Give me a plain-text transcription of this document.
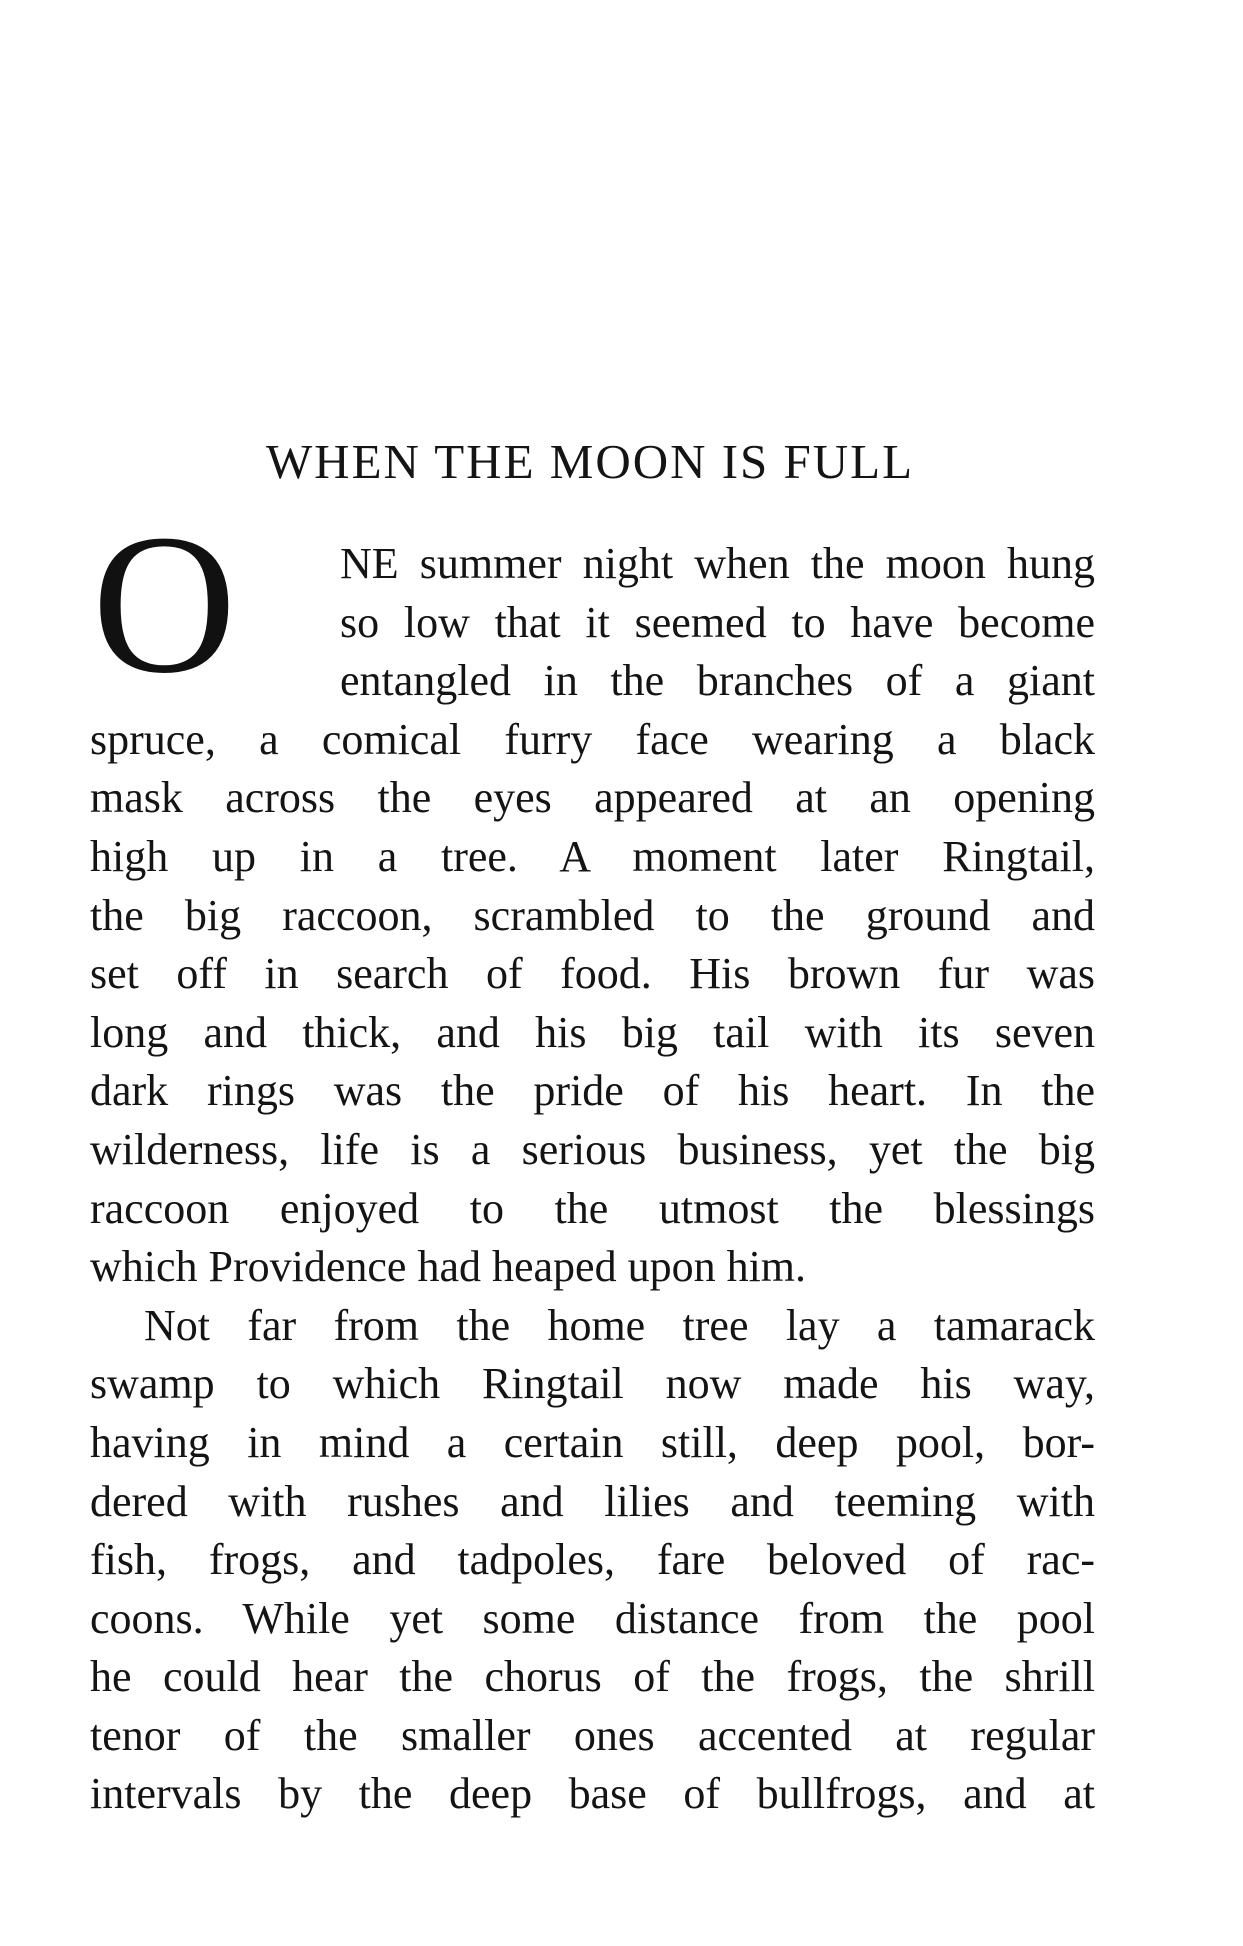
WHEN THE MOON IS FULL
O	NE summer night when the moon hung
so low that it seemed to have become
entangled in the branches of a giant
spruce, a comical furry face wearing a black
mask across the eyes appeared at an opening
high up in a tree. A moment later Ringtail,
the big raccoon, scrambled to the ground and
set off in search of food. His brown fur was
long and thick, and his big tail with its seven
dark rings was the pride of his heart. In the
wilderness, life is a serious business, yet the big
raccoon enjoyed to the utmost the blessings
which Providence had heaped upon him.
Not far from the home tree lay a tamarack
swamp to which Ringtail now made his way,
having in mind a certain still, deep pool, bor-
dered with rushes and lilies and teeming with
fish, frogs, and tadpoles, fare beloved of rac-
coons. While yet some distance from the pool
he could hear the chorus of the frogs, the shrill
tenor of the smaller ones accented at regular
intervals by the deep base of bullfrogs, and at
